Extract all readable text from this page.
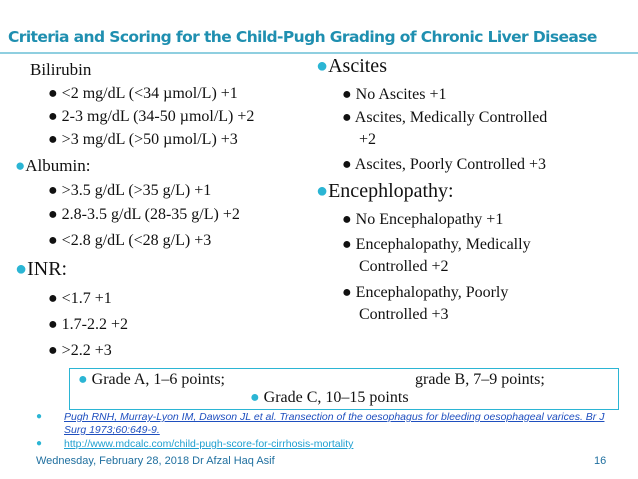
Criteria and Scoring for the Child-Pugh Grading of Chronic Liver Disease
Bilirubin
● <2 mg/dL (<34 µmol/L) +1
● 2-3 mg/dL (34-50 µmol/L) +2
● >3 mg/dL (>50 µmol/L) +3
●Albumin:
● >3.5 g/dL (>35 g/L) +1
● 2.8-3.5 g/dL (28-35 g/L) +2
● <2.8 g/dL (<28 g/L) +3
●INR:
● <1.7 +1
● 1.7-2.2 +2
● >2.2 +3
●Ascites
● No Ascites +1
● Ascites, Medically Controlled
+2
● Ascites, Poorly Controlled +3
●Encephlopathy:
● No Encephalopathy +1
● Encephalopathy, Medically
Controlled +2
● Encephalopathy, Poorly
Controlled +3
● Grade A, 1–6 points;	grade B, 7–9 points;
● Grade C, 10–15 points
● Pugh RNH, Murray-Lyon IM, Dawson JL et al. Transection of the oesophagus for bleeding oesophageal varices. Br J
Surg 1973;60:649-9.
● http://www.mdcalc.com/child-pugh-score-for-cirrhosis-mortality
Wednesday, February 28, 2018 Dr Afzal Haq Asif	16
